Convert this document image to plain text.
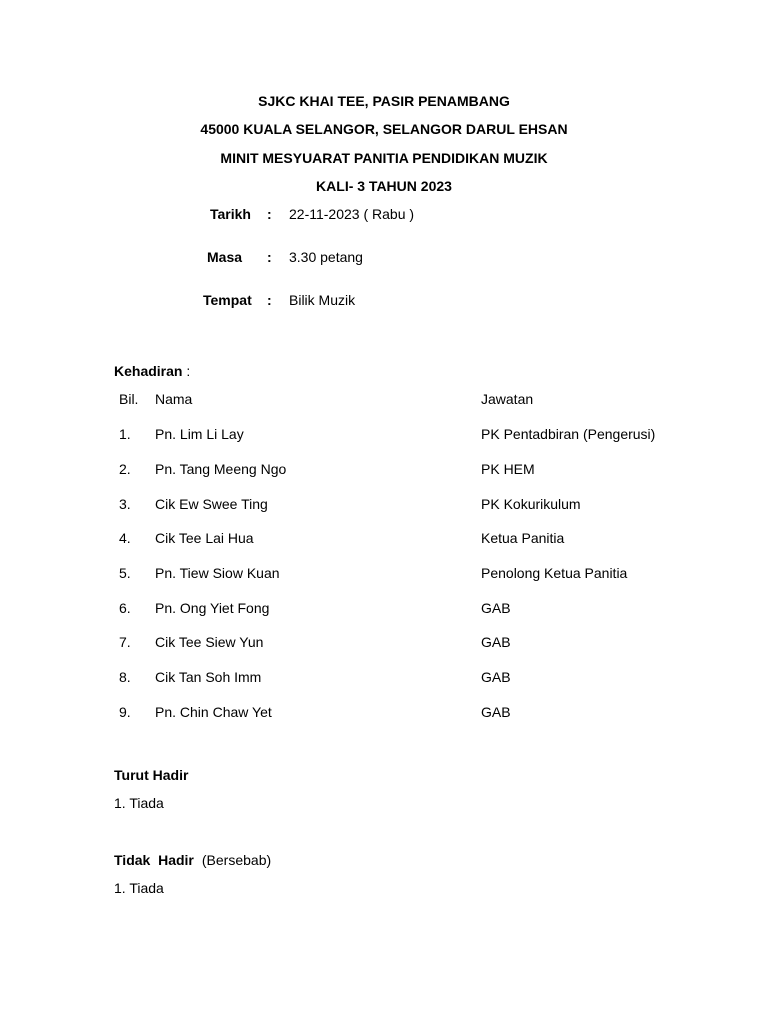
SJKC KHAI TEE, PASIR PENAMBANG
45000 KUALA SELANGOR, SELANGOR DARUL EHSAN
MINIT MESYUARAT PANITIA PENDIDIKAN MUZIK
KALI- 3 TAHUN 2023
Tarikh : 22-11-2023 ( Rabu )
Masa : 3.30 petang
Tempat : Bilik Muzik
Kehadiran :
Bil. Nama	Jawatan
1. Pn. Lim Li Lay	PK Pentadbiran (Pengerusi)
2. Pn. Tang Meeng Ngo	PK HEM
3. Cik Ew Swee Ting	PK Kokurikulum
4. Cik Tee Lai Hua	Ketua Panitia
5. Pn. Tiew Siow Kuan	Penolong Ketua Panitia
6. Pn. Ong Yiet Fong	GAB
7. Cik Tee Siew Yun	GAB
8. Cik Tan Soh Imm	GAB
9. Pn. Chin Chaw Yet	GAB
Turut Hadir
1. Tiada
Tidak  Hadir (Bersebab)
1. Tiada
